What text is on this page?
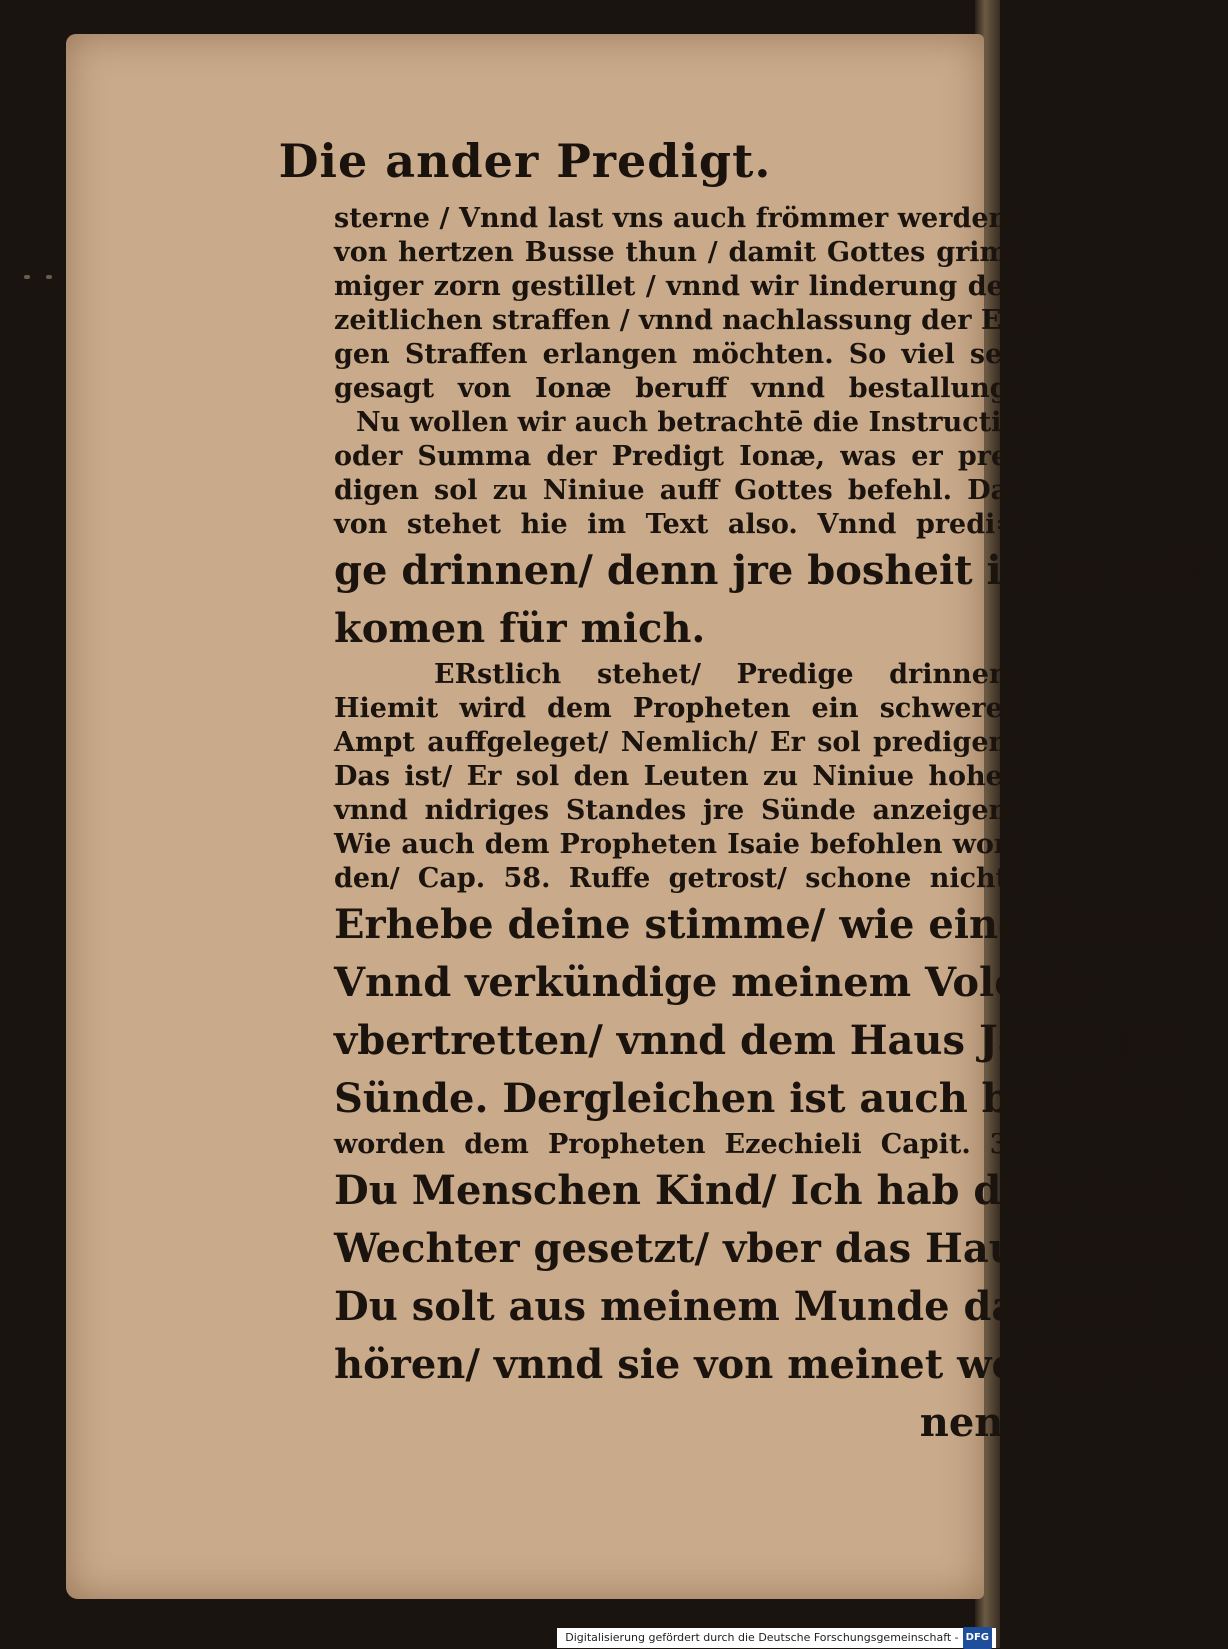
Die ander Predigt.
sterne / Vnnd last vns auch frömmer werden/
von hertzen Busse thun / damit Gottes grim/
miger zorn gestillet / vnnd wir linderung der
zeitlichen straffen / vnnd nachlassung der Ewi/
gen Straffen erlangen möchten. So viel sey
gesagt von Ionæ beruff vnnd bestallung.
Nu wollen wir auch betrachtē die Instruction
oder Summa der Predigt Ionæ, was er pre/
digen sol zu Niniue auff Gottes befehl. Da/
von stehet hie im Text also. Vnnd predi=
ge drinnen/ denn jre bosheit ist er auff
komen für mich.
ERstlich stehet/ Predige drinnen.
Hiemit wird dem Propheten ein schweres
Ampt auffgeleget/ Nemlich/ Er sol predigen/
Das ist/ Er sol den Leuten zu Niniue hohes
vnnd nidriges Standes jre Sünde anzeigen/
Wie auch dem Propheten Isaie befohlen wor/
den/ Cap. 58. Ruffe getrost/ schone nicht/
Erhebe deine stimme/ wie eine Posaun/
Vnnd verkündige meinem Volck jr
vbertretten/ vnnd dem Haus Jacob jre
Sünde. Dergleichen ist auch befohlen
worden dem Propheten Ezechieli Capit. 3.
Du Menschen Kind/ Ich hab dich zum
Wechter gesetzt/ vber das Haus Israel/
Du solt aus meinem Munde das wort
hören/ vnnd sie von meinet wegen war=
nen/
Digitalisierung gefördert durch die Deutsche Forschungsgemeinschaft - DFG
